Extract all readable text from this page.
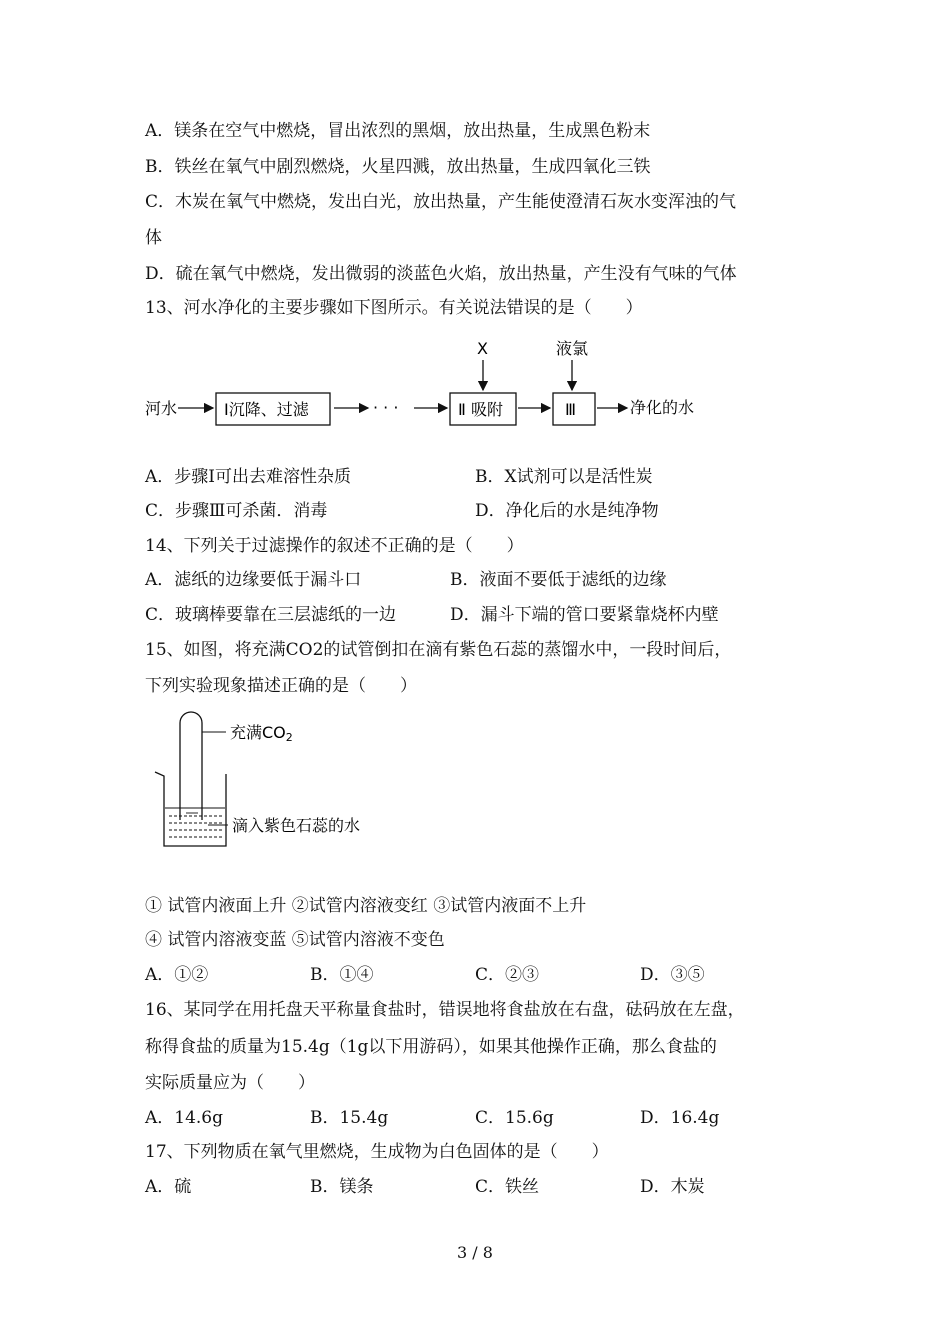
A．镁条在空气中燃烧，冒出浓烈的黑烟，放出热量，生成黑色粉末
B．铁丝在氧气中剧烈燃烧，火星四溅，放出热量，生成四氧化三铁
C．木炭在氧气中燃烧，发出白光，放出热量，产生能使澄清石灰水变浑浊的气
体
D．硫在氧气中燃烧，发出微弱的淡蓝色火焰，放出热量，产生没有气味的气体
13、河水净化的主要步骤如下图所示。有关说法错误的是（　　）
河水	Ⅰ沉降、过滤	· · ·	Ⅱ 吸附
X
Ⅲ
液氯
净化的水
A．步骤Ⅰ可出去难溶性杂质	B．X试剂可以是活性炭
C．步骤Ⅲ可杀菌．消毒	D．净化后的水是纯净物
14、下列关于过滤操作的叙述不正确的是（　　）
A．滤纸的边缘要低于漏斗口	B．液面不要低于滤纸的边缘
C．玻璃棒要靠在三层滤纸的一边	D．漏斗下端的管口要紧靠烧杯内壁
15、如图，将充满CO2的试管倒扣在滴有紫色石蕊的蒸馏水中，一段时间后，
下列实验现象描述正确的是（　　）
充满CO2
滴入紫色石蕊的水
① 试管内液面上升 ②试管内溶液变红 ③试管内液面不上升
④ 试管内溶液变蓝 ⑤试管内溶液不变色
A．①②	B．①④	C．②③	D．③⑤
16、某同学在用托盘天平称量食盐时，错误地将食盐放在右盘，砝码放在左盘，
称得食盐的质量为15.4g（1g以下用游码），如果其他操作正确，那么食盐的
实际质量应为（　　）
A．14.6g	B．15.4g	C．15.6g	D．16.4g
17、下列物质在氧气里燃烧，生成物为白色固体的是（　　）
A．硫	B．镁条	C．铁丝	D．木炭
3 / 8
